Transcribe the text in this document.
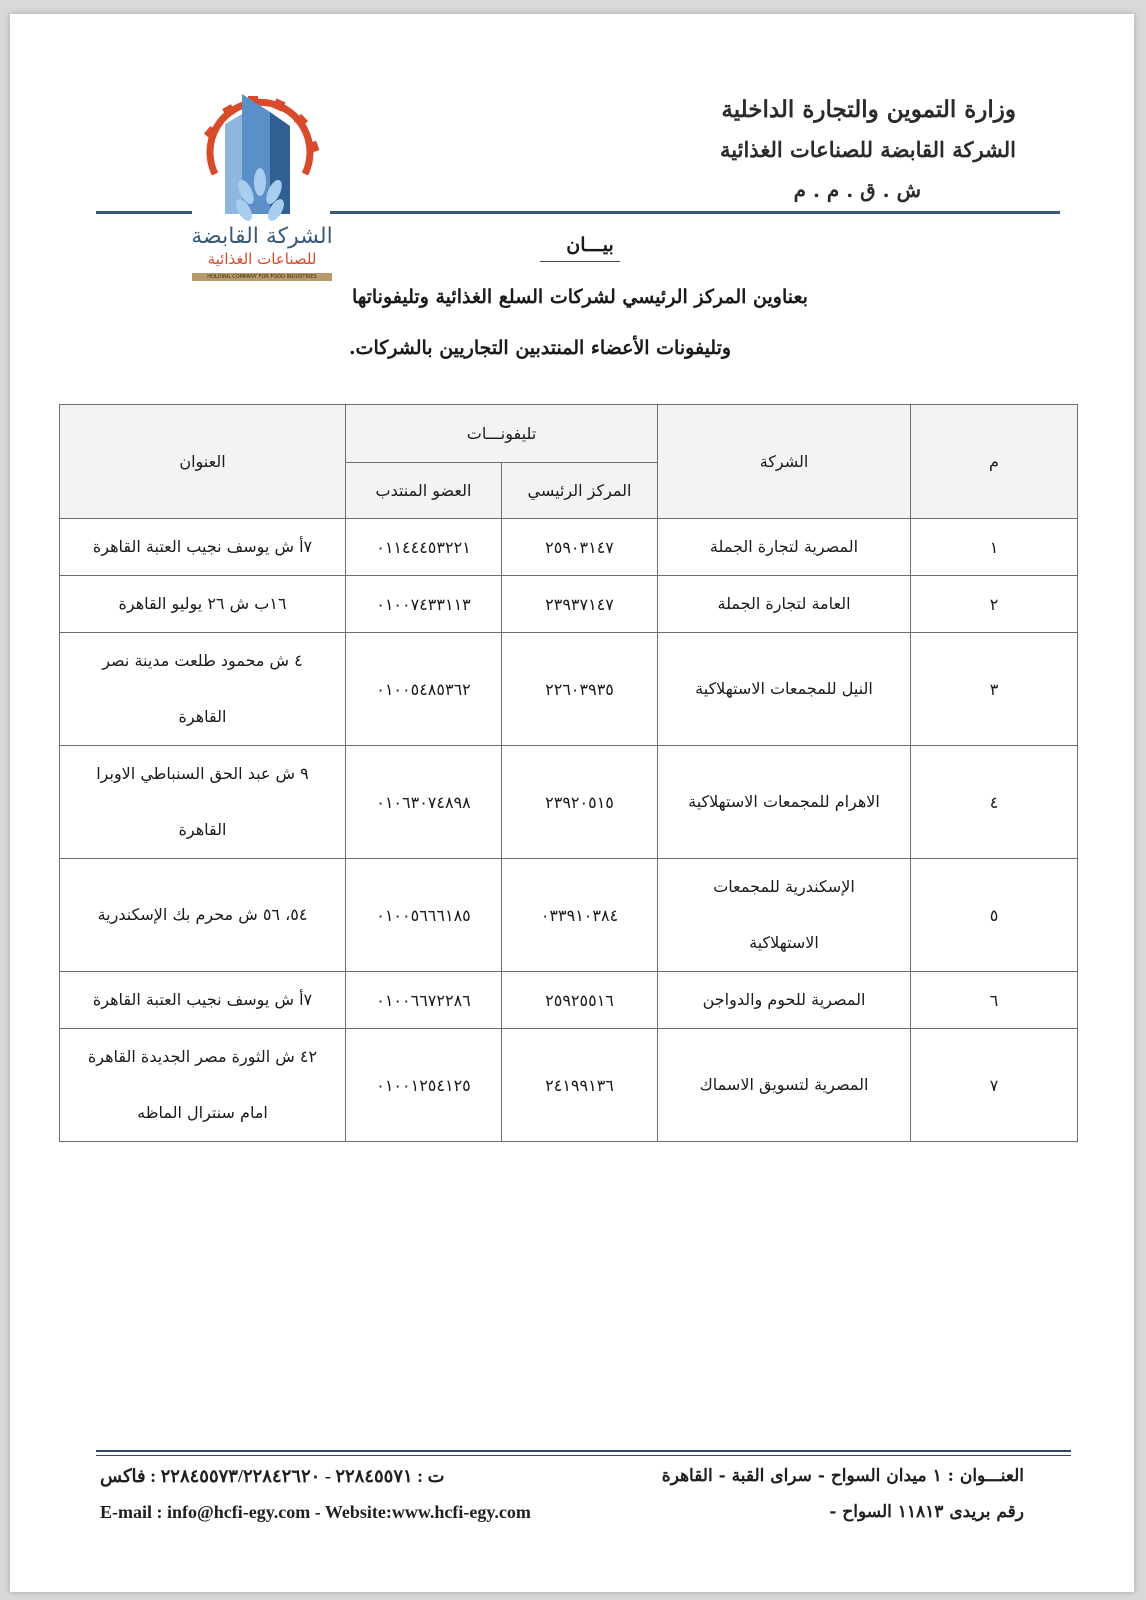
الشركة القابضة
للصناعات الغذائية
HOLDING COMPANY FOR FOOD INDUSTRIES
وزارة التموين والتجارة الداخلية
الشركة القابضة للصناعات الغذائية
ش . ق . م . م
بيـــان
بعناوين المركز الرئيسي لشركات السلع الغذائية وتليفوناتها
وتليفونات الأعضاء المنتدبين التجاريين بالشركات.
م	الشركة	تليفونـــات		العنوان
		المركز الرئيسي	العضو المنتدب	
١	المصرية لتجارة الجملة	٢٥٩٠٣١٤٧	٠١١٤٤٤٥٣٢٢١	٧أ ش يوسف نجيب العتبة القاهرة

٢	العامة لتجارة الجملة	٢٣٩٣٧١٤٧	٠١٠٠٧٤٣٣١١٣	١٦ب ش ٢٦ يوليو القاهرة

٣	النيل للمجمعات الاستهلاكية	٢٢٦٠٣٩٣٥	٠١٠٠٥٤٨٥٣٦٢	٤ ش محمود طلعت مدينة نصر
القاهرة

٤	الاهرام للمجمعات الاستهلاكية	٢٣٩٢٠٥١٥	٠١٠٦٣٠٧٤٨٩٨	٩ ش عبد الحق السنباطي الاوبرا
القاهرة

٥	الإسكندرية للمجمعات
الاستهلاكية	٠٣٣٩١٠٣٨٤	٠١٠٠٥٦٦٦١٨٥	٥٤، ٥٦ ش محرم بك الإسكندرية

٦	المصرية للحوم والدواجن	٢٥٩٢٥٥١٦	٠١٠٠٦٦٧٢٢٨٦	٧أ ش يوسف نجيب العتبة القاهرة

٧	المصرية لتسويق الاسماك	٢٤١٩٩١٣٦	٠١٠٠١٢٥٤١٢٥	٤٢ ش الثورة مصر الجديدة القاهرة
امام سنترال الماظه
العنـــوان : ١ ميدان السواح - سراى القبة - القاهرة
رقم بريدى ١١٨١٣ السواح -
ت : ٢٢٨٤٥٥٧١ - ٢٢٨٤٥٥٧٣/٢٢٨٤٢٦٢٠ : فاكس
E-mail : info@hcfi-egy.com - Website:www.hcfi-egy.com
